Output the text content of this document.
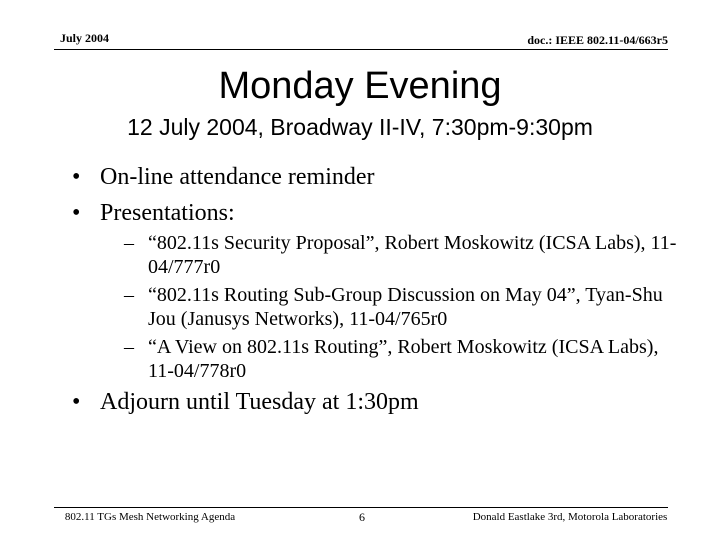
July 2004	doc.: IEEE 802.11-04/663r5
Monday Evening
12 July 2004, Broadway II-IV, 7:30pm-9:30pm
• On-line attendance reminder
• Presentations:
– “802.11s Security Proposal”, Robert Moskowitz (ICSA Labs), 11-04/777r0
– “802.11s Routing Sub-Group Discussion on May 04”, Tyan-Shu Jou (Janusys Networks), 11-04/765r0
– “A View on 802.11s Routing”, Robert Moskowitz (ICSA Labs), 11-04/778r0
• Adjourn until Tuesday at 1:30pm
802.11 TGs Mesh Networking Agenda	6	Donald Eastlake 3rd, Motorola Laboratories
